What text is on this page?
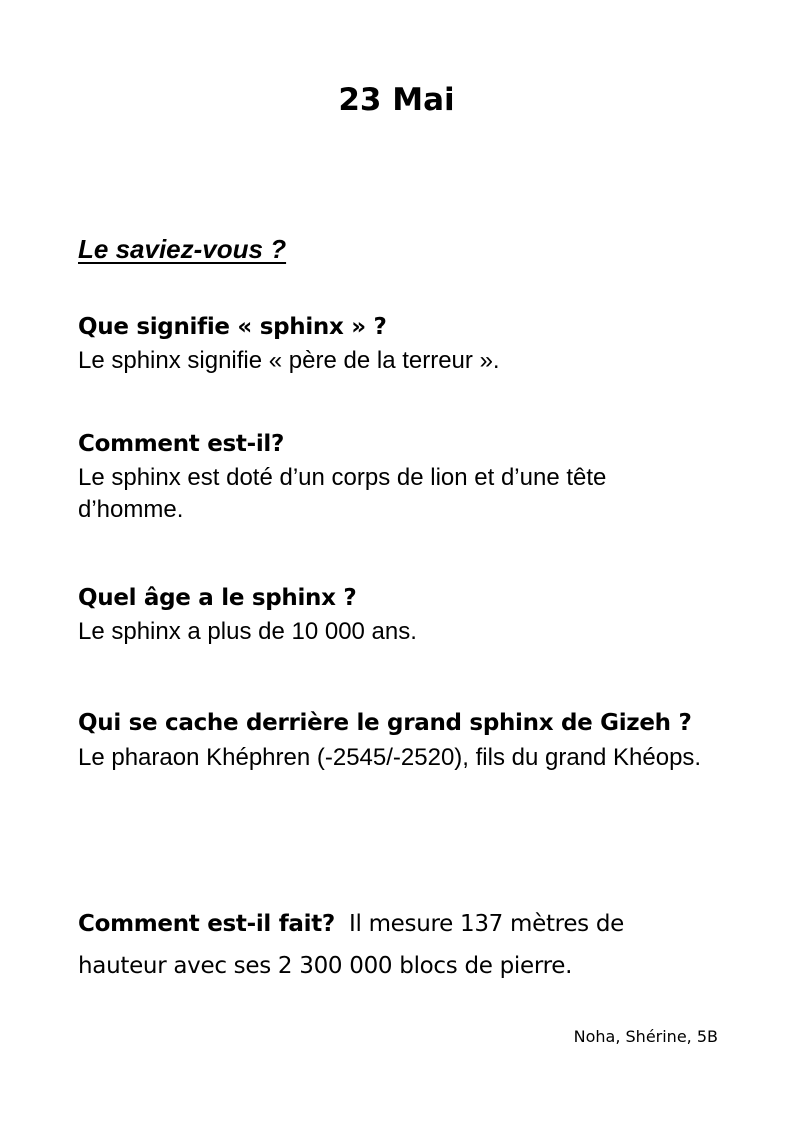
23 Mai
Le saviez-vous ?

Que signifie « sphinx » ?

Le sphinx signifie « père de la terreur ».

Comment est-il?

Le sphinx est doté d’un corps de lion et d’une tête d’homme.

Quel âge a le sphinx ?

Le sphinx a plus de 10 000 ans.

Qui se cache derrière le grand sphinx de Gizeh ?

Le pharaon Khéphren (-2545/-2520), fils du grand Khéops.

Comment est-il fait? Il mesure 137 mètres de hauteur avec ses 2 300 000 blocs de pierre.

Noha, Shérine, 5B
